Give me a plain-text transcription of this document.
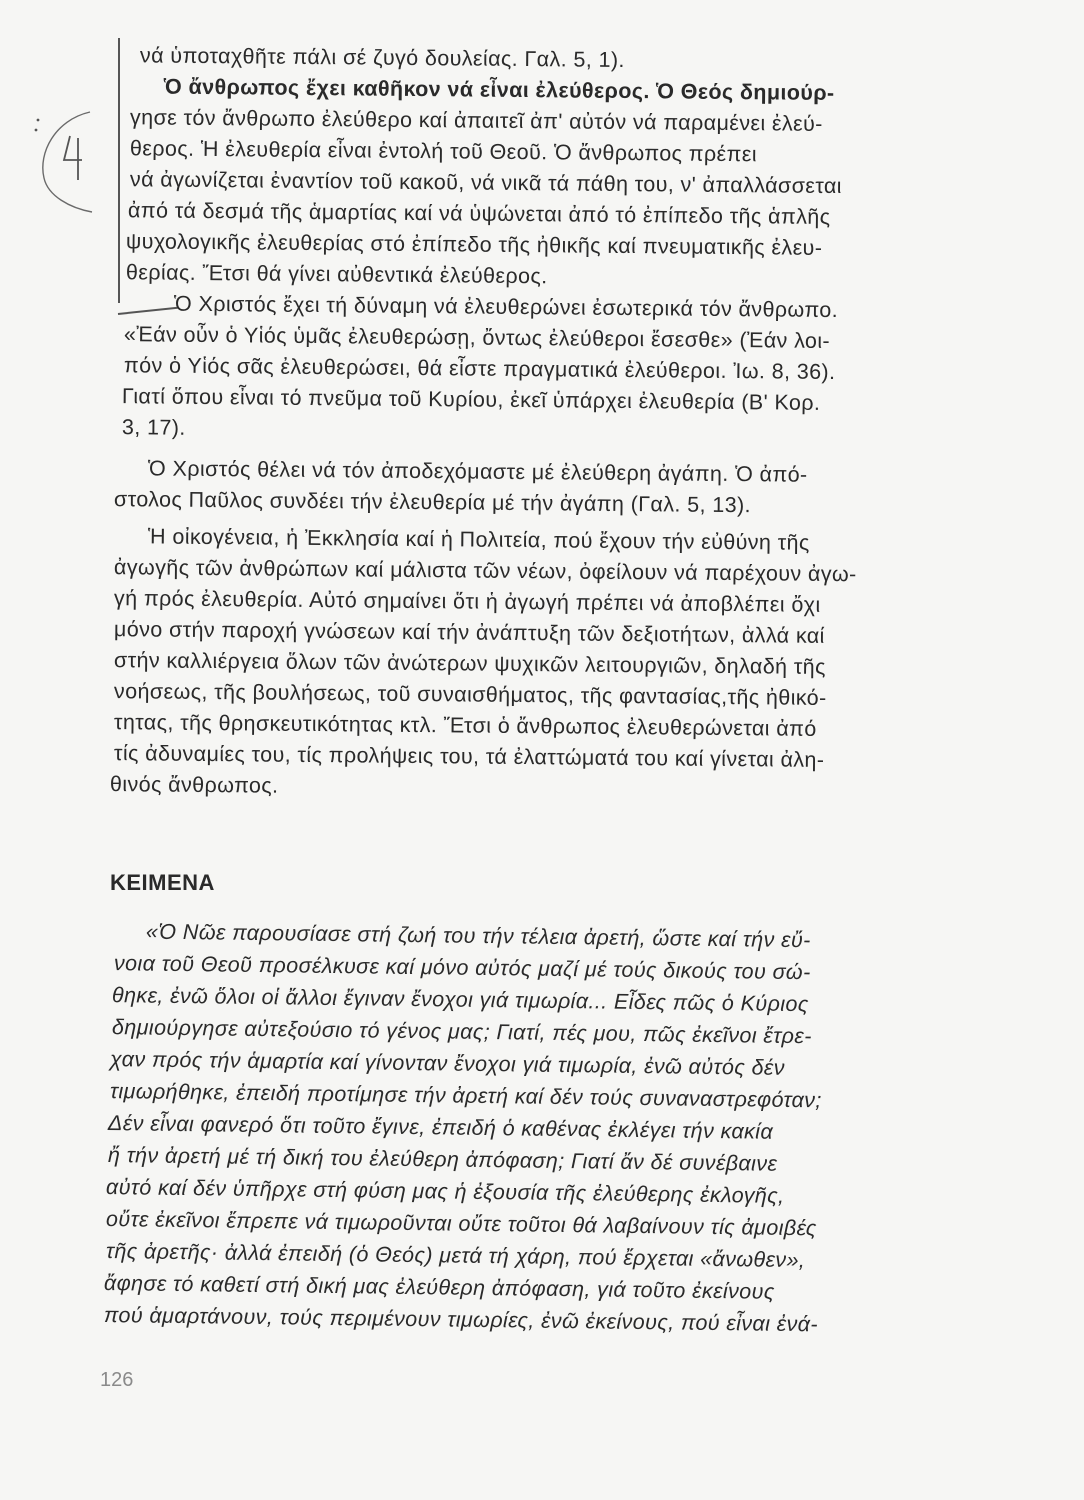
νά ὑποταχθῆτε πάλι σέ ζυγό δουλείας. Γαλ. 5, 1).
Ὁ ἄνθρωπος ἔχει καθῆκον νά εἶναι ἐλεύθερος. Ὁ Θεός δημιούρ-
γησε τόν ἄνθρωπο ἐλεύθερο καί ἀπαιτεῖ ἀπ' αὐτόν νά παραμένει ἐλεύ-
θερος. Ἡ ἐλευθερία εἶναι ἐντολή τοῦ Θεοῦ. Ὁ ἄνθρωπος πρέπει
νά ἀγωνίζεται ἐναντίον τοῦ κακοῦ, νά νικᾶ τά πάθη του, ν' ἀπαλλάσσεται
ἀπό τά δεσμά τῆς ἁμαρτίας καί νά ὑψώνεται ἀπό τό ἐπίπεδο τῆς ἁπλῆς
ψυχολογικῆς ἐλευθερίας στό ἐπίπεδο τῆς ἠθικῆς καί πνευματικῆς ἐλευ-
θερίας. Ἔτσι θά γίνει αὐθεντικά ἐλεύθερος.
Ὁ Χριστός ἔχει τή δύναμη νά ἐλευθερώνει ἐσωτερικά τόν ἄνθρωπο.
«Ἐάν οὖν ὁ Υἱός ὑμᾶς ἐλευθερώσῃ, ὄντως ἐλεύθεροι ἔσεσθε» (Ἐάν λοι-
πόν ὁ Υἱός σᾶς ἐλευθερώσει, θά εἶστε πραγματικά ἐλεύθεροι. Ἰω. 8, 36).
Γιατί ὅπου εἶναι τό πνεῦμα τοῦ Κυρίου, ἐκεῖ ὑπάρχει ἐλευθερία (Β' Κορ.
3, 17).
Ὁ Χριστός θέλει νά τόν ἀποδεχόμαστε μέ ἐλεύθερη ἀγάπη. Ὁ ἀπό-
στολος Παῦλος συνδέει τήν ἐλευθερία μέ τήν ἀγάπη (Γαλ. 5, 13).
Ἡ οἰκογένεια, ἡ Ἐκκλησία καί ἡ Πολιτεία, πού ἔχουν τήν εὐθύνη τῆς
ἀγωγῆς τῶν ἀνθρώπων καί μάλιστα τῶν νέων, ὀφείλουν νά παρέχουν ἀγω-
γή πρός ἐλευθερία. Αὐτό σημαίνει ὅτι ἡ ἀγωγή πρέπει νά ἀποβλέπει ὄχι
μόνο στήν παροχή γνώσεων καί τήν ἀνάπτυξη τῶν δεξιοτήτων, ἀλλά καί
στήν καλλιέργεια ὅλων τῶν ἀνώτερων ψυχικῶν λειτουργιῶν, δηλαδή τῆς
νοήσεως, τῆς βουλήσεως, τοῦ συναισθήματος, τῆς φαντασίας,τῆς ἠθικό-
τητας, τῆς θρησκευτικότητας κτλ. Ἔτσι ὁ ἄνθρωπος ἐλευθερώνεται ἀπό
τίς ἀδυναμίες του, τίς προλήψεις του, τά ἐλαττώματά του καί γίνεται ἀλη-
θινός ἄνθρωπος.
ΚΕΙΜΕΝΑ
«Ὁ Νῶε παρουσίασε στή ζωή του τήν τέλεια ἀρετή, ὥστε καί τήν εὔ-
νοια τοῦ Θεοῦ προσέλκυσε καί μόνο αὐτός μαζί μέ τούς δικούς του σώ-
θηκε, ἐνῶ ὅλοι οἱ ἄλλοι ἔγιναν ἔνοχοι γιά τιμωρία... Εἶδες πῶς ὁ Κύριος
δημιούργησε αὐτεξούσιο τό γένος μας; Γιατί, πές μου, πῶς ἐκεῖνοι ἔτρε-
χαν πρός τήν ἁμαρτία καί γίνονταν ἔνοχοι γιά τιμωρία, ἐνῶ αὐτός δέν
τιμωρήθηκε, ἐπειδή προτίμησε τήν ἀρετή καί δέν τούς συναναστρεφόταν;
Δέν εἶναι φανερό ὅτι τοῦτο ἔγινε, ἐπειδή ὁ καθένας ἐκλέγει τήν κακία
ἤ τήν ἀρετή μέ τή δική του ἐλεύθερη ἀπόφαση; Γιατί ἄν δέ συνέβαινε
αὐτό καί δέν ὑπῆρχε στή φύση μας ἡ ἐξουσία τῆς ἐλεύθερης ἐκλογῆς,
οὔτε ἐκεῖνοι ἔπρεπε νά τιμωροῦνται οὔτε τοῦτοι θά λαβαίνουν τίς ἀμοιβές
τῆς ἀρετῆς· ἀλλά ἐπειδή (ὁ Θεός) μετά τή χάρη, πού ἔρχεται «ἄνωθεν»,
ἄφησε τό καθετί στή δική μας ἐλεύθερη ἀπόφαση, γιά τοῦτο ἐκείνους
πού ἁμαρτάνουν, τούς περιμένουν τιμωρίες, ἐνῶ ἐκείνους, πού εἶναι ἐνά-
126
